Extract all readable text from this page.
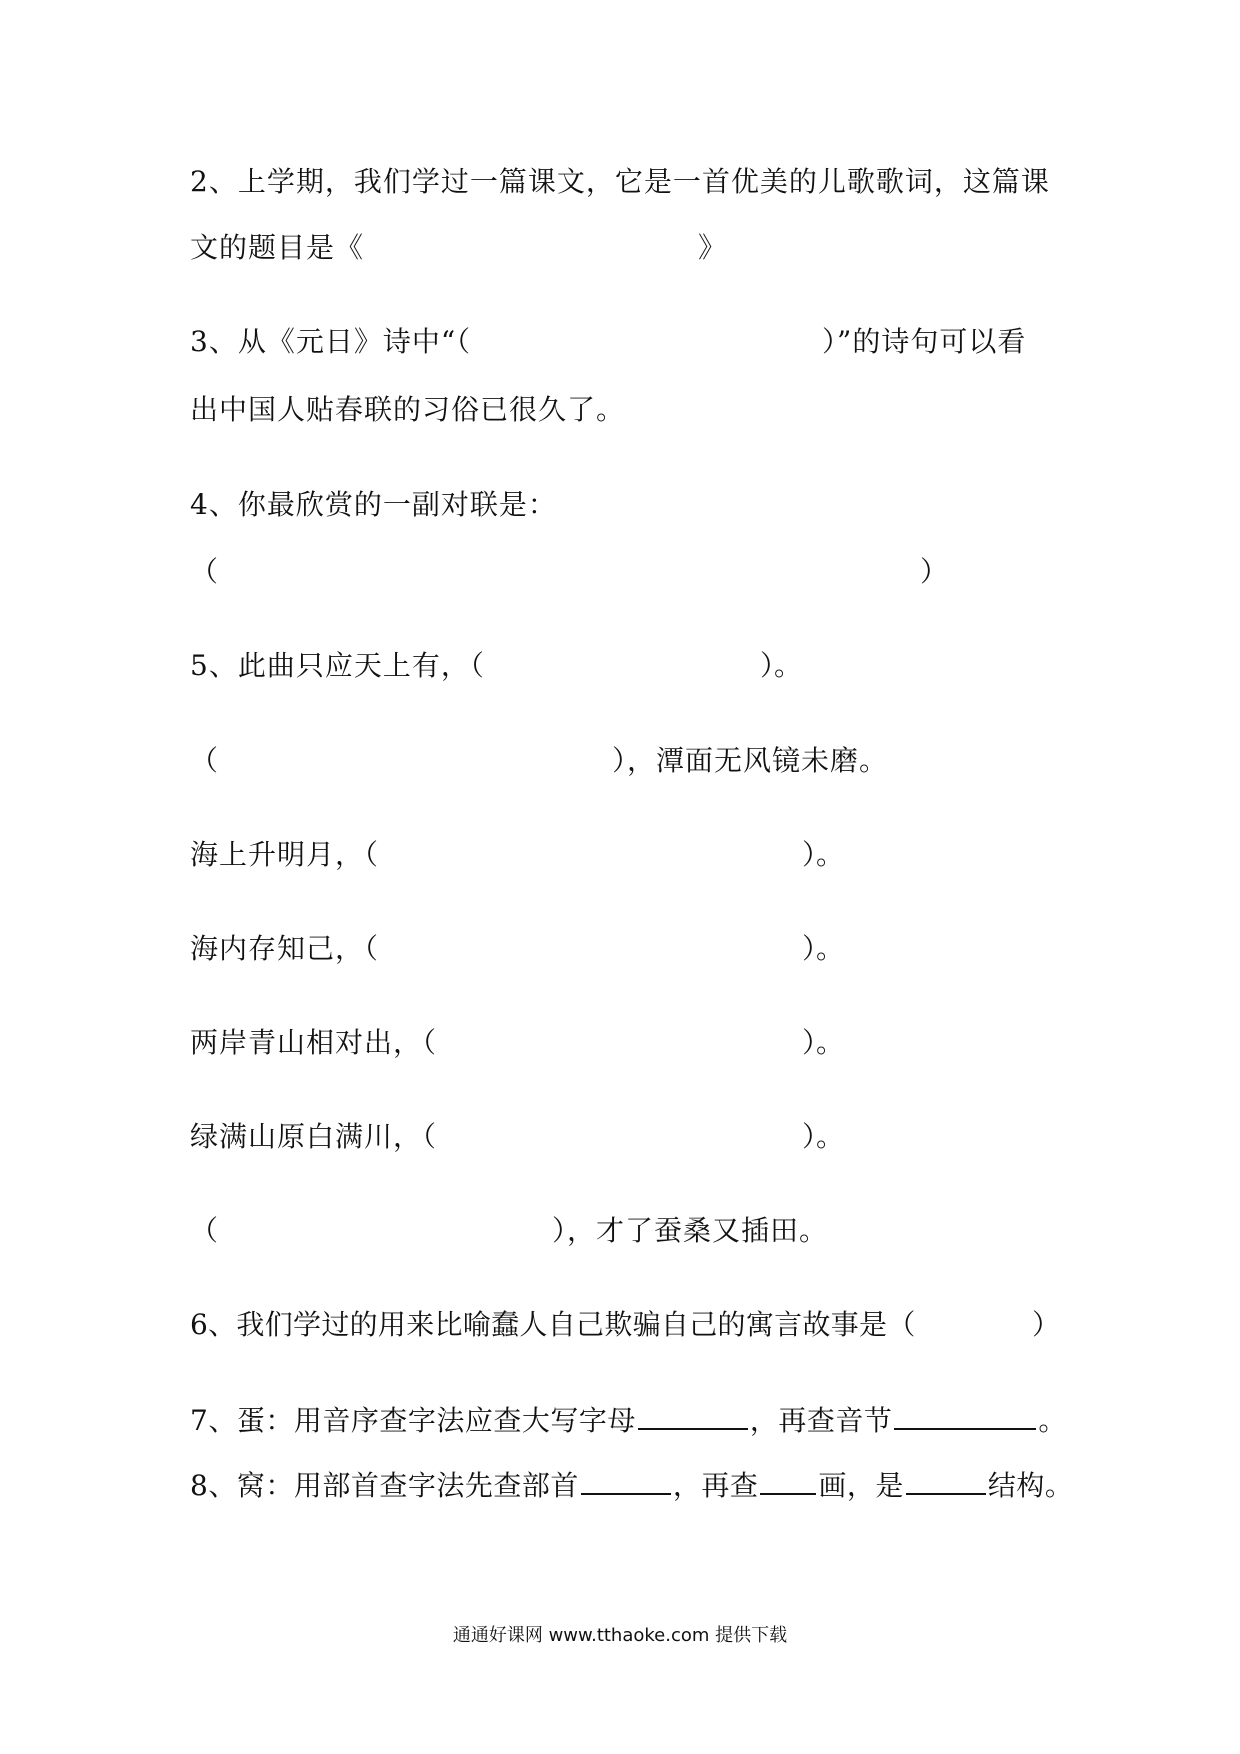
2、上学期，我们学过一篇课文，它是一首优美的儿歌歌词，这篇课
文的题目是《	》
3、从《元日》诗中“（	）”的诗句可以看
出中国人贴春联的习俗已很久了。
4、你最欣赏的一副对联是：
（	）
5、此曲只应天上有，（	）。
（	），潭面无风镜未磨。
海上升明月，（	）。
海内存知己，（	）。
两岸青山相对出，（	）。
绿满山原白满川，（	）。
（	），才了蚕桑又插田。
6、我们学过的用来比喻蠢人自己欺骗自己的寓言故事是（	）
7、蛋：用音序查字法应查大写字母	，再查音节	。
8、窝：用部首查字法先查部首	，再查 画，是	结构。
通通好课网 www.tthaoke.com 提供下载
